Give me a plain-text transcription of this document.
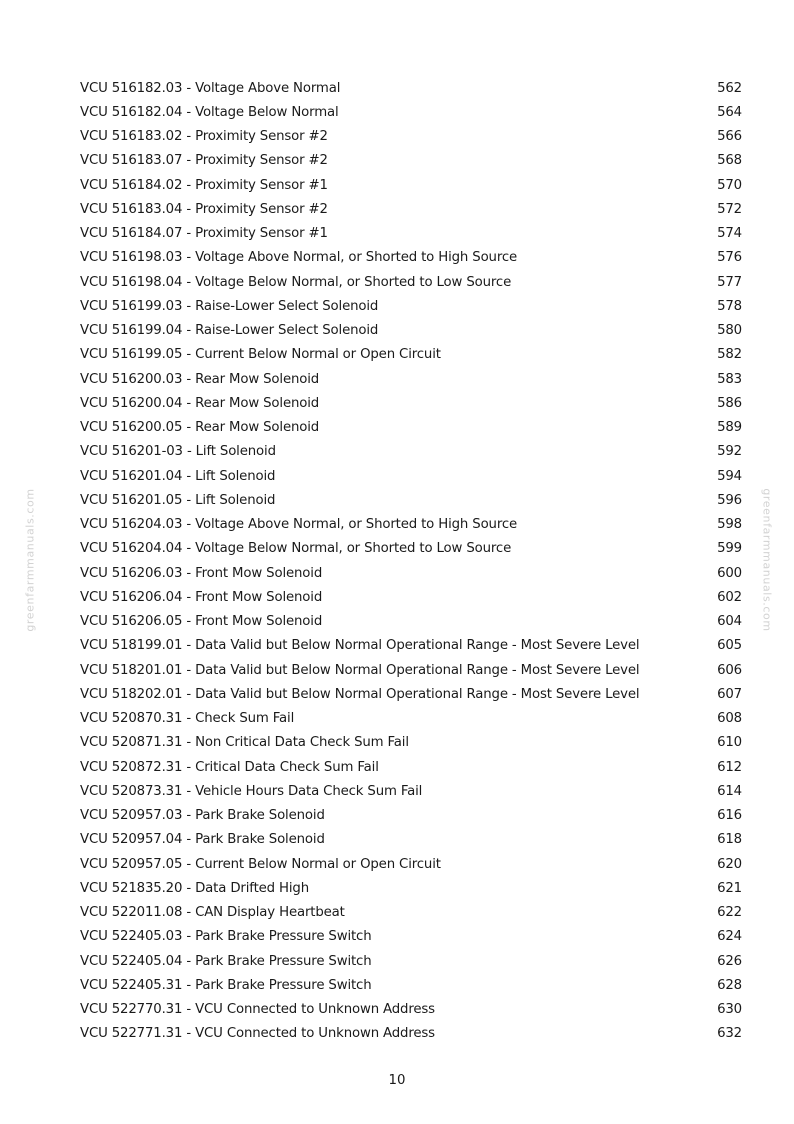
greenfarmmanuals.com	greenfarmmanuals.com
VCU 516182.03 - Voltage Above Normal	562
VCU 516182.04 - Voltage Below Normal	564
VCU 516183.02 - Proximity Sensor #2	566
VCU 516183.07 - Proximity Sensor #2	568
VCU 516184.02 - Proximity Sensor #1	570
VCU 516183.04 - Proximity Sensor #2	572
VCU 516184.07 - Proximity Sensor #1	574
VCU 516198.03 - Voltage Above Normal, or Shorted to High Source	576
VCU 516198.04 - Voltage Below Normal, or Shorted to Low Source	577
VCU 516199.03 - Raise-Lower Select Solenoid	578
VCU 516199.04 - Raise-Lower Select Solenoid	580
VCU 516199.05 - Current Below Normal or Open Circuit	582
VCU 516200.03 - Rear Mow Solenoid	583
VCU 516200.04 - Rear Mow Solenoid	586
VCU 516200.05 - Rear Mow Solenoid	589
VCU 516201-03 - Lift Solenoid	592
VCU 516201.04 - Lift Solenoid	594
VCU 516201.05 - Lift Solenoid	596
VCU 516204.03 - Voltage Above Normal, or Shorted to High Source	598
VCU 516204.04 - Voltage Below Normal, or Shorted to Low Source	599
VCU 516206.03 - Front Mow Solenoid	600
VCU 516206.04 - Front Mow Solenoid	602
VCU 516206.05 - Front Mow Solenoid	604
VCU 518199.01 - Data Valid but Below Normal Operational Range - Most Severe Level	605
VCU 518201.01 - Data Valid but Below Normal Operational Range - Most Severe Level	606
VCU 518202.01 - Data Valid but Below Normal Operational Range - Most Severe Level	607
VCU 520870.31 - Check Sum Fail	608
VCU 520871.31 - Non Critical Data Check Sum Fail	610
VCU 520872.31 - Critical Data Check Sum Fail	612
VCU 520873.31 - Vehicle Hours Data Check Sum Fail	614
VCU 520957.03 - Park Brake Solenoid	616
VCU 520957.04 - Park Brake Solenoid	618
VCU 520957.05 - Current Below Normal or Open Circuit	620
VCU 521835.20 - Data Drifted High	621
VCU 522011.08 - CAN Display Heartbeat	622
VCU 522405.03 - Park Brake Pressure Switch	624
VCU 522405.04 - Park Brake Pressure Switch	626
VCU 522405.31 - Park Brake Pressure Switch	628
VCU 522770.31 - VCU Connected to Unknown Address	630
VCU 522771.31 - VCU Connected to Unknown Address	632
10
